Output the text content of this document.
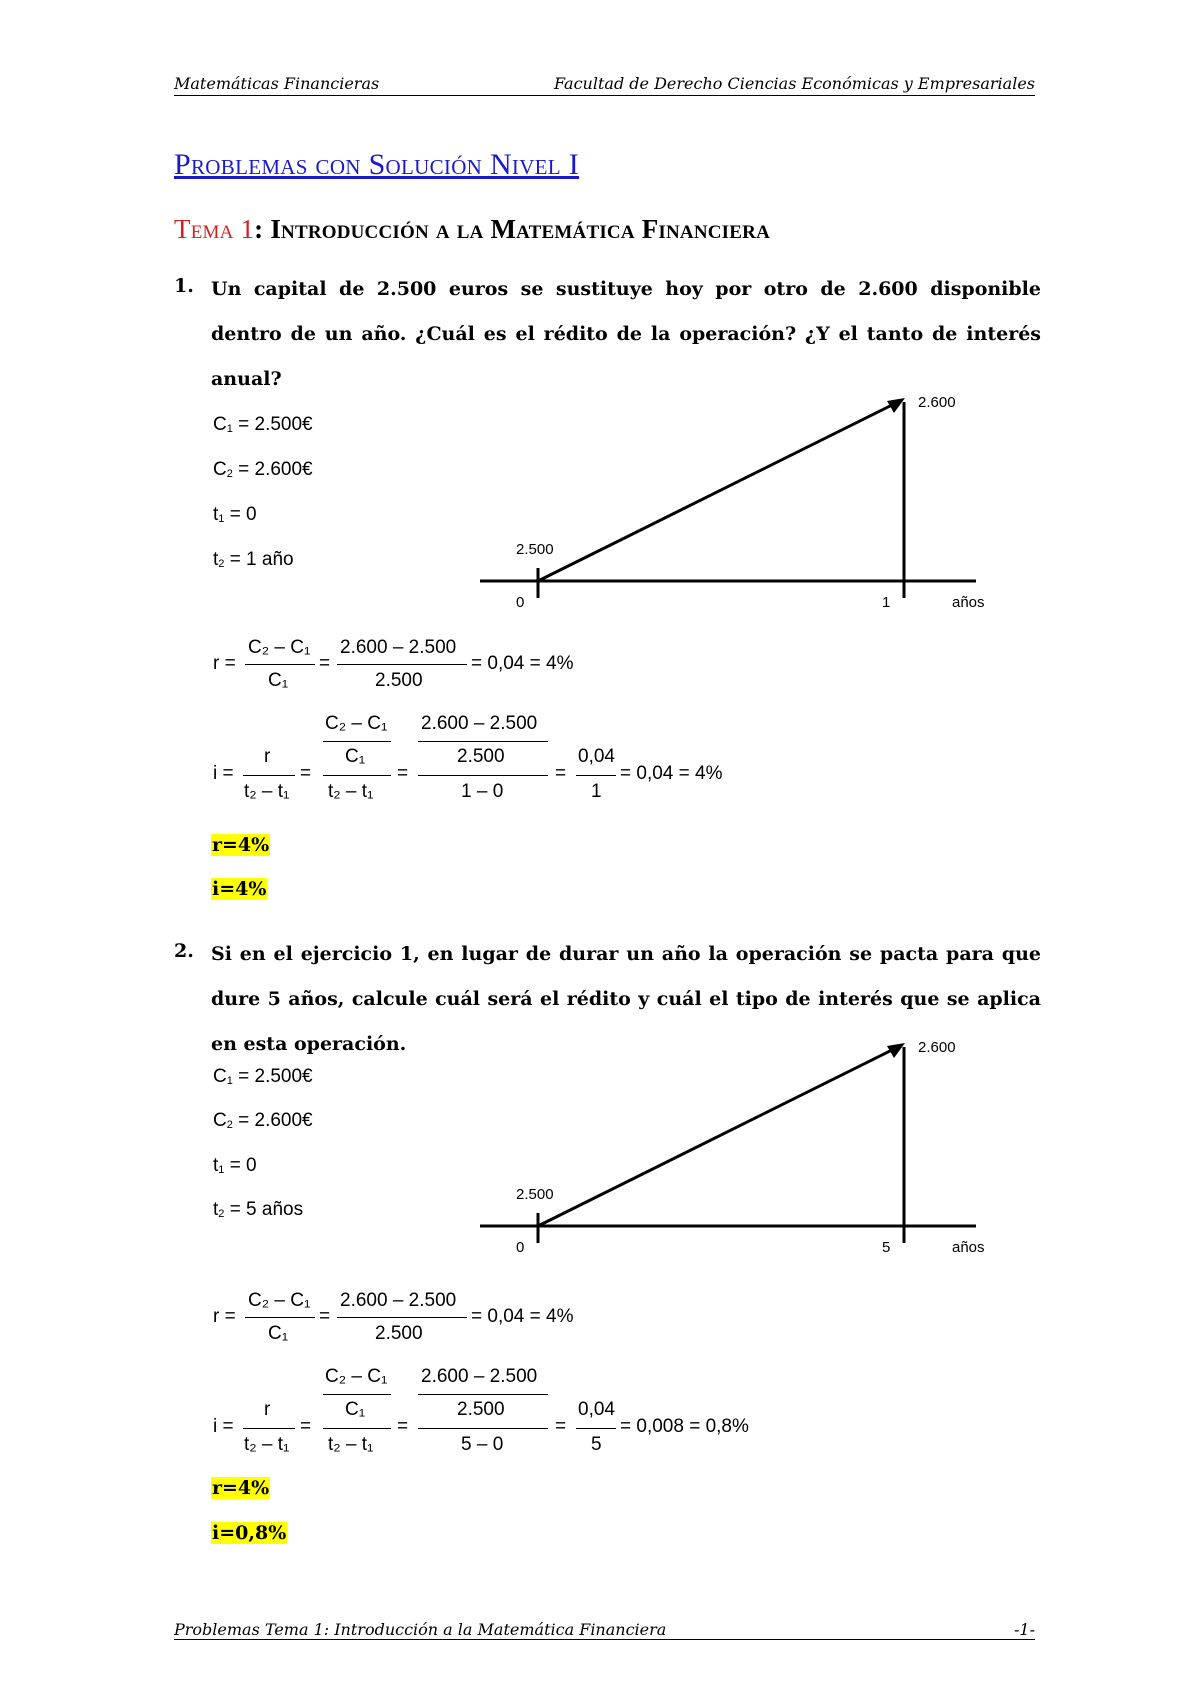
Matemáticas Financieras	Facultad de Derecho Ciencias Económicas y Empresariales
Problemas con Solución Nivel I
Tema 1: Introducción a la Matemática Financiera
1. Un capital de 2.500 euros se sustituye hoy por otro de 2.600 disponible dentro de un año. ¿Cuál es el rédito de la operación? ¿Y el tanto de interés anual?
$C_1$ = 2.500€
$C_2$ = 2.600€
$t_1 = 0$
$t_2 = 1$ año	2.500
2.600
0	1	años
r =
C₂ – C₁
C₁
=
2.600 – 2.500
2.500
= 0,04 = 4%
i =
r
t₂ – t₁
=
C₂ – C₁
C₁
t₂ – t₁
=
2.600 – 2.500
2.500
1 – 0
=
0,04
1
= 0,04 = 4%
r=4%
i=4%
2. Si en el ejercicio 1, en lugar de durar un año la operación se pacta para que dure 5 años, calcule cuál será el rédito y cuál el tipo de interés que se aplica en esta operación.
$C_1$ = 2.500€
$C_2$ = 2.600€
$t_1 = 0$
$t_2 = 5$ años
2.500
2.600
0	5	años
r =
C₂ – C₁
C₁
=
2.600 – 2.500
2.500
= 0,04 = 4%
i =
r
t₂ – t₁
=
C₂ – C₁
C₁
t₂ – t₁
=
2.600 – 2.500
2.500
5 – 0
=
0,04
5
= 0,008 = 0,8%
r=4%
i=0,8%
Problemas Tema 1: Introducción a la Matemática Financiera	-1-
